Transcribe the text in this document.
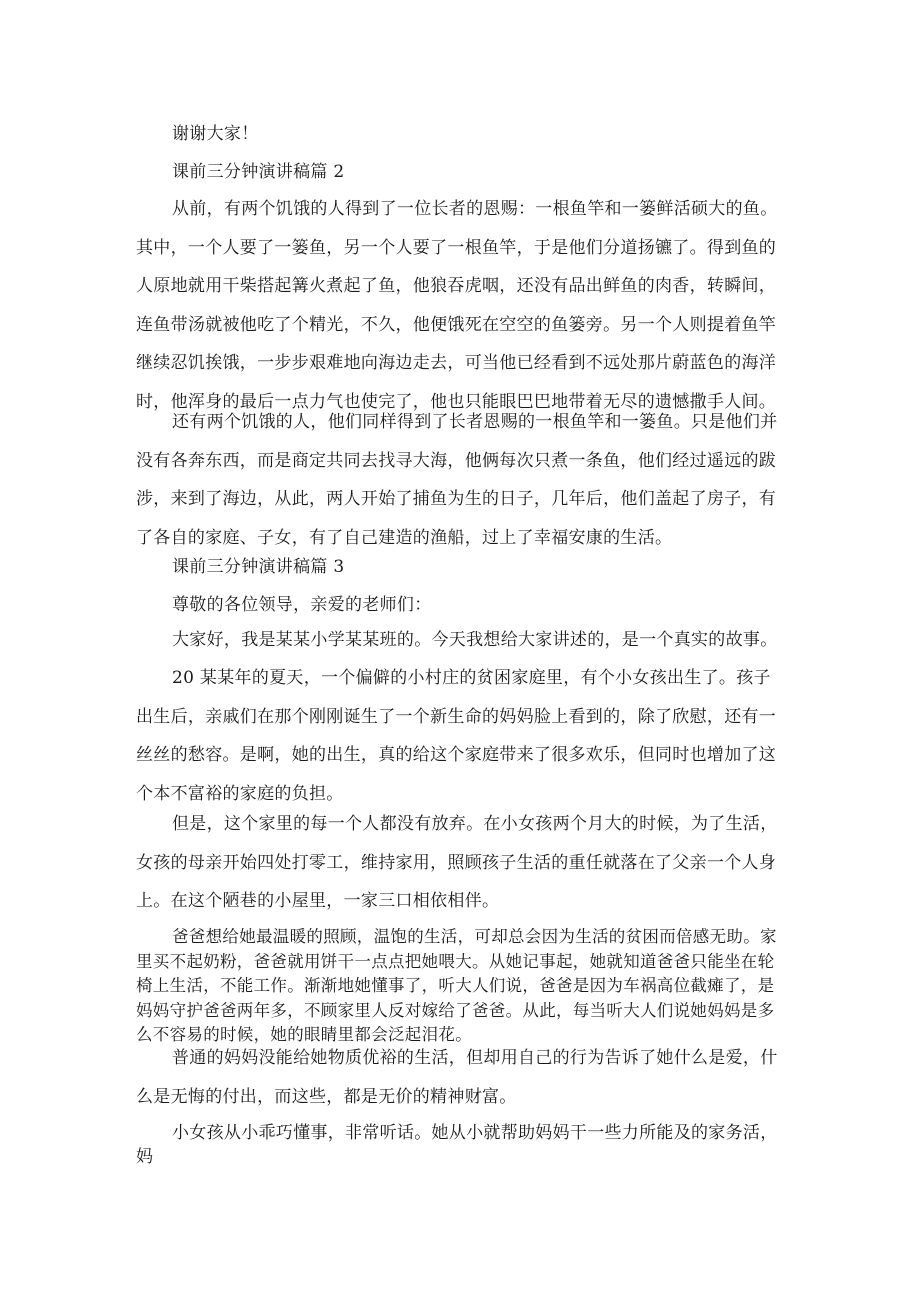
谢谢大家！

课前三分钟演讲稿篇 2

从前，有两个饥饿的人得到了一位长者的恩赐：一根鱼竿和一篓鲜活硕大的鱼。其中，一个人要了一篓鱼，另一个人要了一根鱼竿，于是他们分道扬镳了。得到鱼的人原地就用干柴搭起篝火煮起了鱼，他狼吞虎咽，还没有品出鲜鱼的肉香，转瞬间，连鱼带汤就被他吃了个精光，不久，他便饿死在空空的鱼篓旁。另一个人则提着鱼竿继续忍饥挨饿，一步步艰难地向海边走去，可当他已经看到不远处那片蔚蓝色的海洋时，他浑身的最后一点力气也使完了，他也只能眼巴巴地带着无尽的遗憾撒手人间。

还有两个饥饿的人，他们同样得到了长者恩赐的一根鱼竿和一篓鱼。只是他们并没有各奔东西，而是商定共同去找寻大海，他俩每次只煮一条鱼，他们经过遥远的跋涉，来到了海边，从此，两人开始了捕鱼为生的日子，几年后，他们盖起了房子，有了各自的家庭、子女，有了自己建造的渔船，过上了幸福安康的生活。

课前三分钟演讲稿篇 3

尊敬的各位领导，亲爱的老师们：

大家好，我是某某小学某某班的。今天我想给大家讲述的，是一个真实的故事。

20 某某年的夏天，一个偏僻的小村庄的贫困家庭里，有个小女孩出生了。孩子出生后，亲戚们在那个刚刚诞生了一个新生命的妈妈脸上看到的，除了欣慰，还有一丝丝的愁容。是啊，她的出生，真的给这个家庭带来了很多欢乐，但同时也增加了这个本不富裕的家庭的负担。

但是，这个家里的每一个人都没有放弃。在小女孩两个月大的时候，为了生活，女孩的母亲开始四处打零工，维持家用，照顾孩子生活的重任就落在了父亲一个人身上。在这个陋巷的小屋里，一家三口相依相伴。

爸爸想给她最温暖的照顾，温饱的生活，可却总会因为生活的贫困而倍感无助。家里买不起奶粉，爸爸就用饼干一点点把她喂大。从她记事起，她就知道爸爸只能坐在轮椅上生活，不能工作。渐渐地她懂事了，听大人们说，爸爸是因为车祸高位截瘫了，是妈妈守护爸爸两年多，不顾家里人反对嫁给了爸爸。从此，每当听大人们说她妈妈是多么不容易的时候，她的眼睛里都会泛起泪花。

普通的妈妈没能给她物质优裕的生活，但却用自己的行为告诉了她什么是爱，什么是无悔的付出，而这些，都是无价的精神财富。

小女孩从小乖巧懂事，非常听话。她从小就帮助妈妈干一些力所能及的家务活，妈
